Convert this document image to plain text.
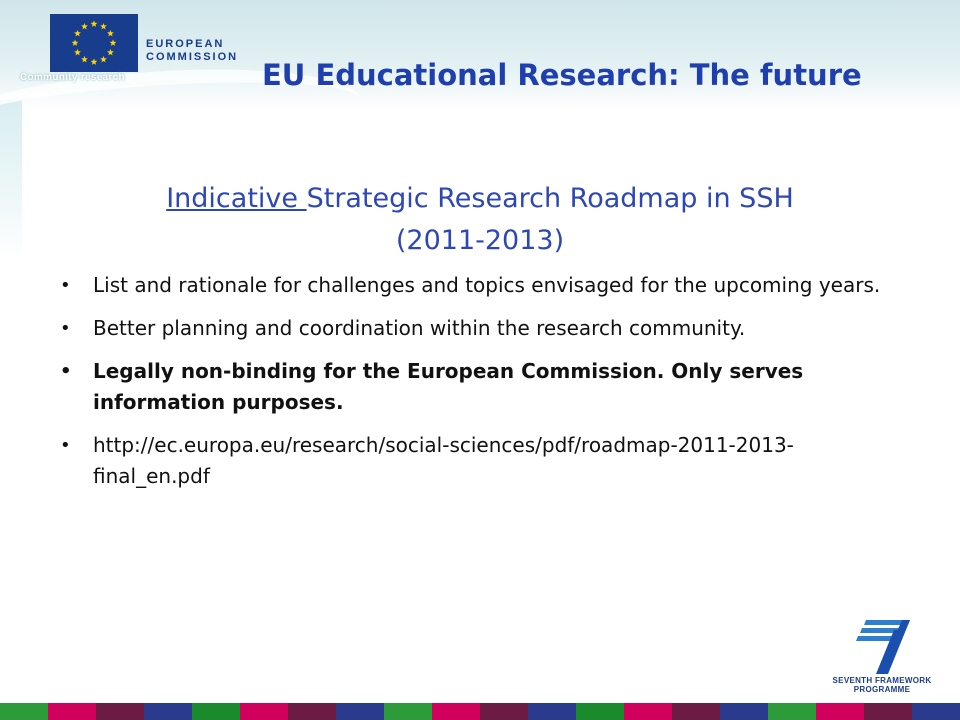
EUROPEAN
COMMISSION
Community research	EU Educational Research: The future
Indicative Strategic Research Roadmap in SSH
(2011-2013)
• List and rationale for challenges and topics envisaged for the upcoming years.
• Better planning and coordination within the research community.
• Legally non-binding for the European Commission. Only serves information purposes.
• http://ec.europa.eu/research/social-sciences/pdf/roadmap-2011-2013-final_en.pdf
SEVENTH FRAMEWORK
PROGRAMME
